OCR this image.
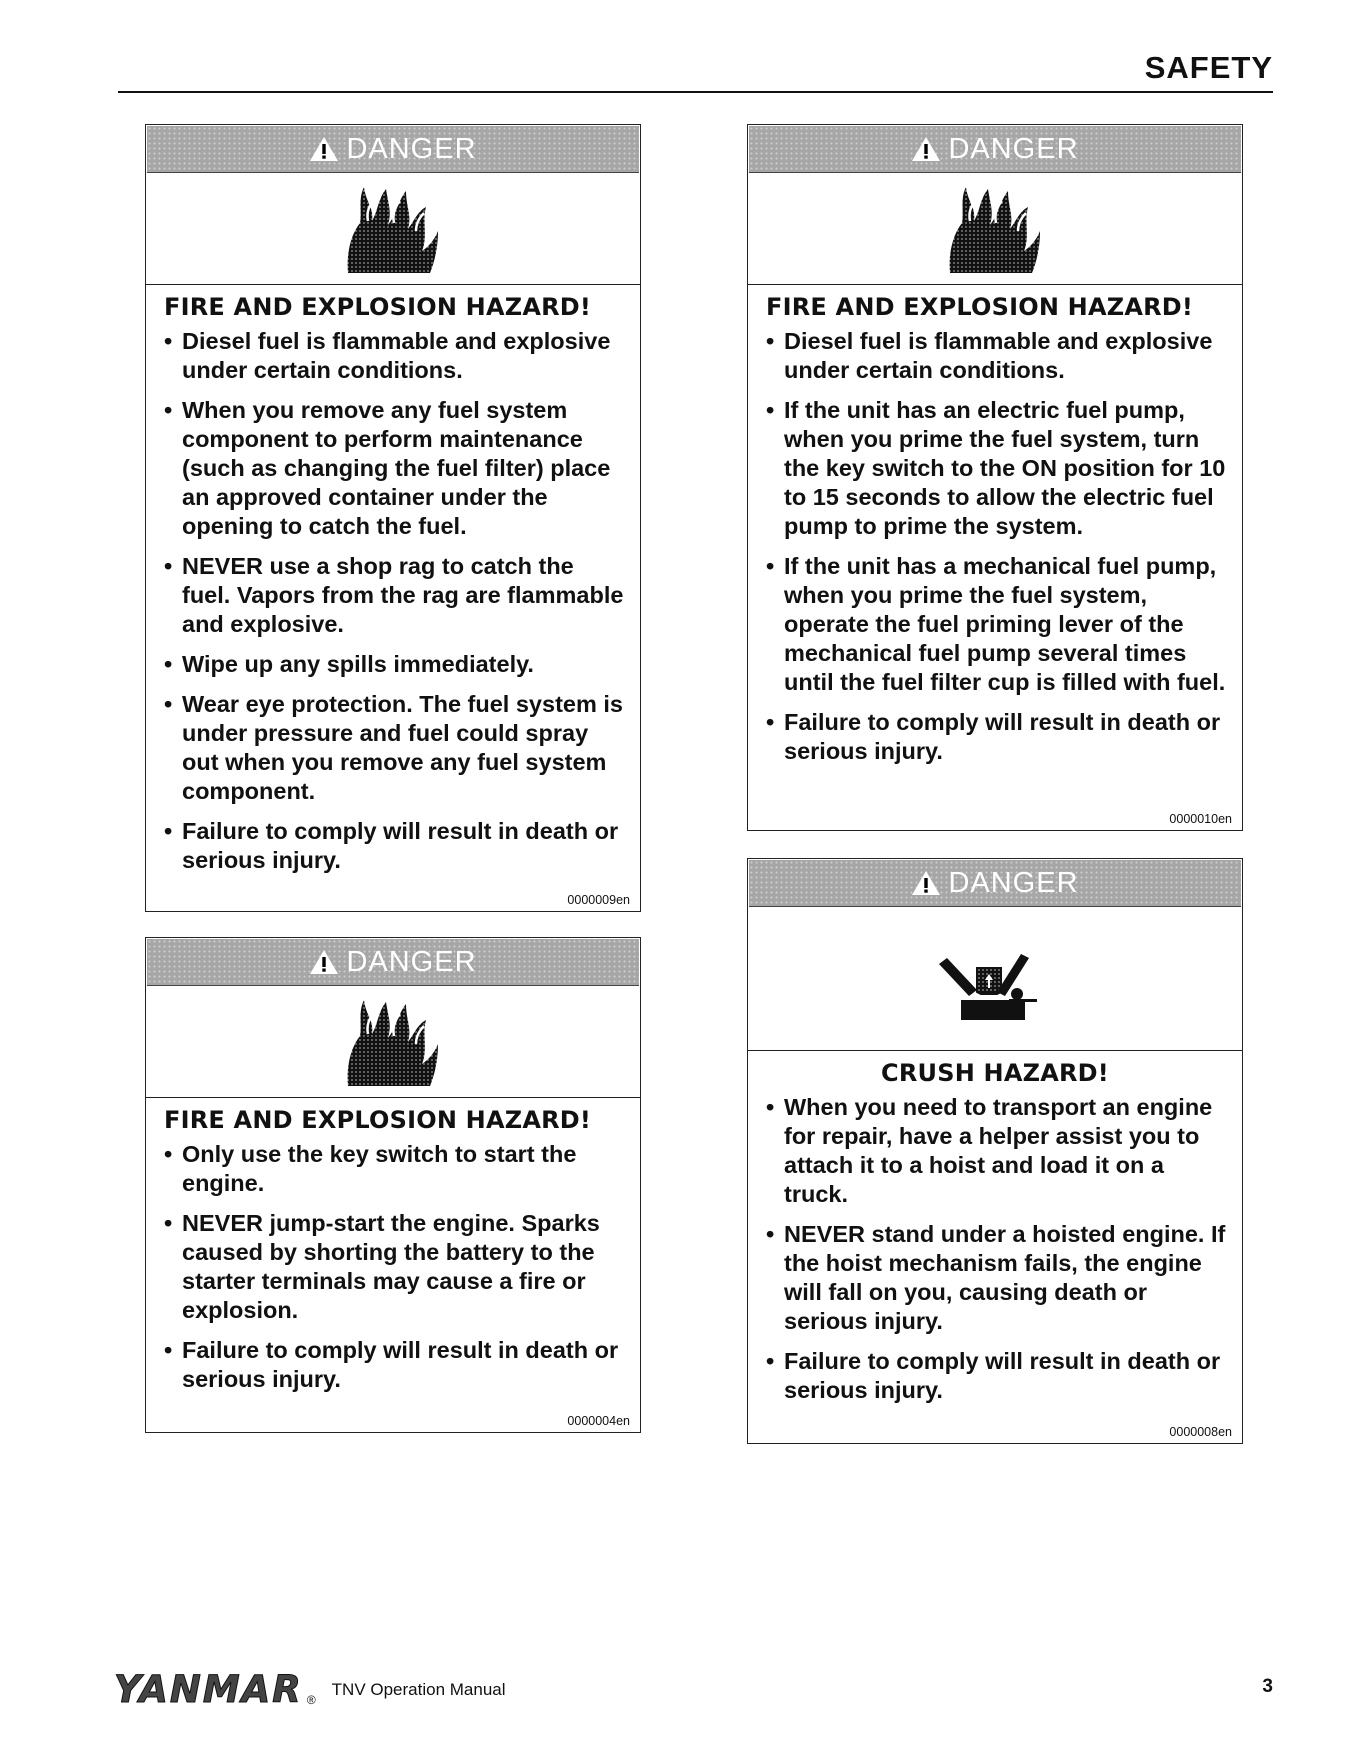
SAFETY
DANGER
FIRE AND EXPLOSION HAZARD!
• Diesel fuel is flammable and explosive under certain conditions.
• When you remove any fuel system component to perform maintenance (such as changing the fuel filter) place an approved container under the opening to catch the fuel.
• NEVER use a shop rag to catch the fuel. Vapors from the rag are flammable and explosive.
• Wipe up any spills immediately.
• Wear eye protection. The fuel system is under pressure and fuel could spray out when you remove any fuel system component.
• Failure to comply will result in death or serious injury.
0000009en
DANGER
FIRE AND EXPLOSION HAZARD!
• Only use the key switch to start the engine.
• NEVER jump-start the engine. Sparks caused by shorting the battery to the starter terminals may cause a fire or explosion.
• Failure to comply will result in death or serious injury.
0000004en
DANGER
FIRE AND EXPLOSION HAZARD!
• Diesel fuel is flammable and explosive under certain conditions.
• If the unit has an electric fuel pump, when you prime the fuel system, turn the key switch to the ON position for 10 to 15 seconds to allow the electric fuel pump to prime the system.
• If the unit has a mechanical fuel pump, when you prime the fuel system, operate the fuel priming lever of the mechanical fuel pump several times until the fuel filter cup is filled with fuel.
• Failure to comply will result in death or serious injury.
0000010en
DANGER
CRUSH HAZARD!
• When you need to transport an engine for repair, have a helper assist you to attach it to a hoist and load it on a truck.
• NEVER stand under a hoisted engine. If the hoist mechanism fails, the engine will fall on you, causing death or serious injury.
• Failure to comply will result in death or serious injury.
0000008en
YANMAR ®
TNV Operation Manual	3
